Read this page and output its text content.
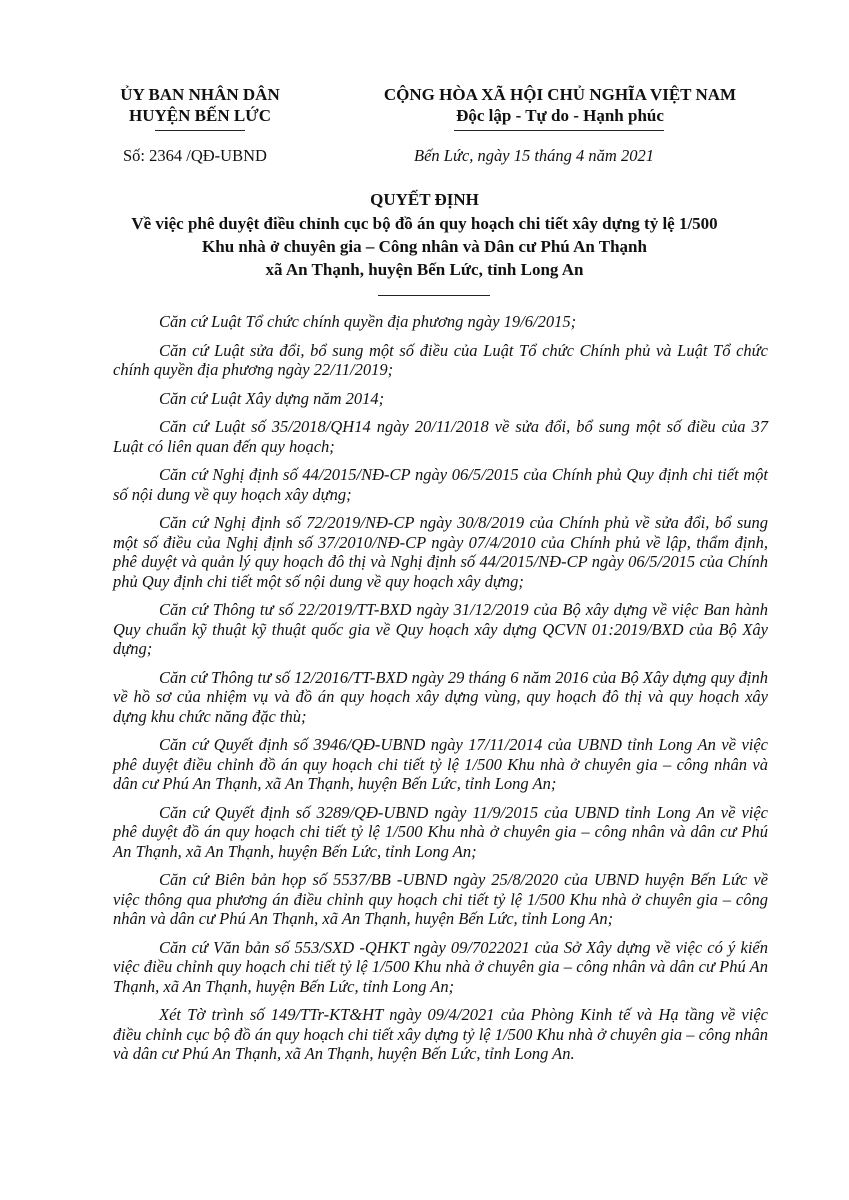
ỦY BAN NHÂN DÂN
HUYỆN BẾN LỨC
CỘNG HÒA XÃ HỘI CHỦ NGHĨA VIỆT NAM
Độc lập - Tự do - Hạnh phúc
Số: 2364 /QĐ-UBND	Bến Lức, ngày 15 tháng 4 năm 2021
QUYẾT ĐỊNH
Về việc phê duyệt điều chỉnh cục bộ đồ án quy hoạch chi tiết xây dựng tỷ lệ 1/500
Khu nhà ở chuyên gia – Công nhân và Dân cư Phú An Thạnh
xã An Thạnh, huyện Bến Lức, tỉnh Long An

Căn cứ Luật Tổ chức chính quyền địa phương ngày 19/6/2015;

Căn cứ Luật sửa đổi, bổ sung một số điều của Luật Tổ chức Chính phủ và Luật Tổ chức chính quyền địa phương ngày 22/11/2019;

Căn cứ Luật Xây dựng năm 2014;

Căn cứ Luật số 35/2018/QH14 ngày 20/11/2018 về sửa đổi, bổ sung một số điều của 37 Luật có liên quan đến quy hoạch;

Căn cứ Nghị định số 44/2015/NĐ-CP ngày 06/5/2015 của Chính phủ Quy định chi tiết một số nội dung về quy hoạch xây dựng;

Căn cứ Nghị định số 72/2019/NĐ-CP ngày 30/8/2019 của Chính phủ về sửa đổi, bổ sung một số điều của Nghị định số 37/2010/NĐ-CP ngày 07/4/2010 của Chính phủ về lập, thẩm định, phê duyệt và quản lý quy hoạch đô thị và Nghị định số 44/2015/NĐ-CP ngày 06/5/2015 của Chính phủ Quy định chi tiết một số nội dung về quy hoạch xây dựng;

Căn cứ Thông tư số 22/2019/TT-BXD ngày 31/12/2019 của Bộ xây dựng về việc Ban hành Quy chuẩn kỹ thuật kỹ thuật quốc gia về Quy hoạch xây dựng QCVN 01:2019/BXD của Bộ Xây dựng;

Căn cứ Thông tư số 12/2016/TT-BXD ngày 29 tháng 6 năm 2016 của Bộ Xây dựng quy định về hồ sơ của nhiệm vụ và đồ án quy hoạch xây dựng vùng, quy hoạch đô thị và quy hoạch xây dựng khu chức năng đặc thù;

Căn cứ Quyết định số 3946/QĐ-UBND ngày 17/11/2014 của UBND tỉnh Long An về việc phê duyệt điều chỉnh đồ án quy hoạch chi tiết tỷ lệ 1/500 Khu nhà ở chuyên gia – công nhân và dân cư Phú An Thạnh, xã An Thạnh, huyện Bến Lức, tỉnh Long An;

Căn cứ Quyết định số 3289/QĐ-UBND ngày 11/9/2015 của UBND tỉnh Long An về việc phê duyệt đồ án quy hoạch chi tiết tỷ lệ 1/500 Khu nhà ở chuyên gia – công nhân và dân cư Phú An Thạnh, xã An Thạnh, huyện Bến Lức, tỉnh Long An;

Căn cứ Biên bản họp số 5537/BB -UBND ngày 25/8/2020 của UBND huyện Bến Lức về việc thông qua phương án điều chỉnh quy hoạch chi tiết tỷ lệ 1/500 Khu nhà ở chuyên gia – công nhân và dân cư Phú An Thạnh, xã An Thạnh, huyện Bến Lức, tỉnh Long An;

Căn cứ Văn bản số 553/SXD -QHKT ngày 09/7022021 của Sở Xây dựng về việc có ý kiến việc điều chỉnh quy hoạch chi tiết tỷ lệ 1/500 Khu nhà ở chuyên gia – công nhân và dân cư Phú An Thạnh, xã An Thạnh, huyện Bến Lức, tỉnh Long An;

Xét Tờ trình số 149/TTr-KT&HT ngày 09/4/2021 của Phòng Kinh tế và Hạ tầng về việc điều chỉnh cục bộ đồ án quy hoạch chi tiết xây dựng tỷ lệ 1/500 Khu nhà ở chuyên gia – công nhân và dân cư Phú An Thạnh, xã An Thạnh, huyện Bến Lức, tỉnh Long An.
